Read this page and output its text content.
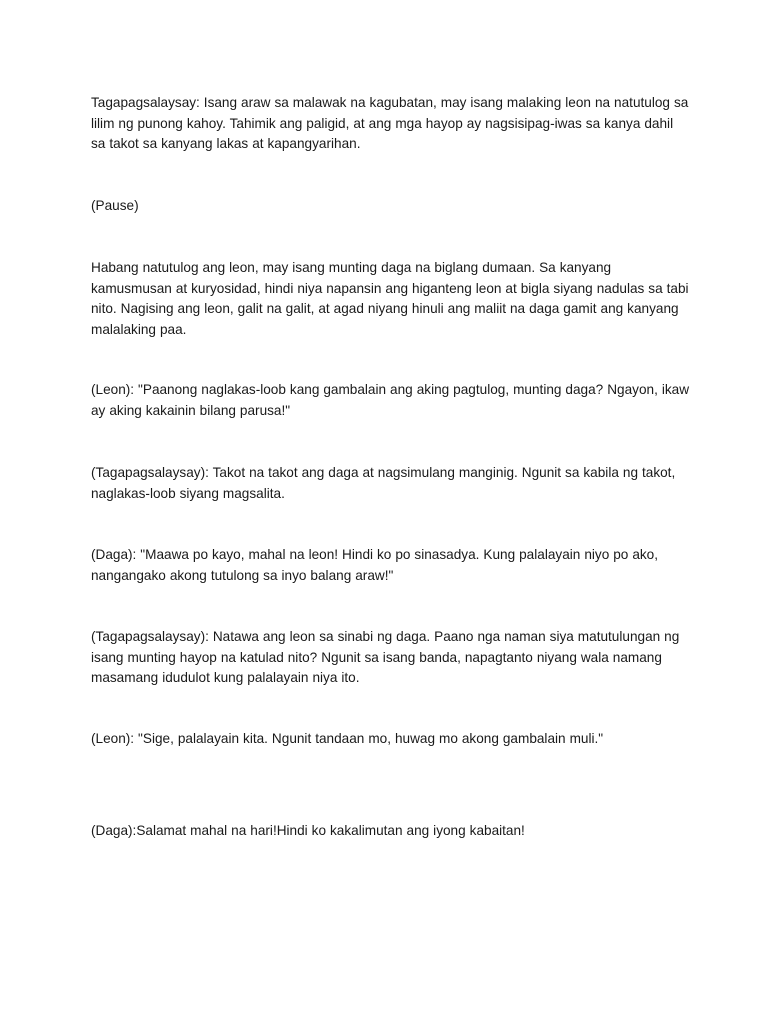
Tagapagsalaysay: Isang araw sa malawak na kagubatan, may isang malaking leon na natutulog sa lilim ng punong kahoy. Tahimik ang paligid, at ang mga hayop ay nagsisipag-iwas sa kanya dahil sa takot sa kanyang lakas at kapangyarihan.

(Pause)

Habang natutulog ang leon, may isang munting daga na biglang dumaan. Sa kanyang kamusmusan at kuryosidad, hindi niya napansin ang higanteng leon at bigla siyang nadulas sa tabi nito. Nagising ang leon, galit na galit, at agad niyang hinuli ang maliit na daga gamit ang kanyang malalaking paa.

(Leon): "Paanong naglakas-loob kang gambalain ang aking pagtulog, munting daga? Ngayon, ikaw ay aking kakainin bilang parusa!"

(Tagapagsalaysay): Takot na takot ang daga at nagsimulang manginig. Ngunit sa kabila ng takot, naglakas-loob siyang magsalita.

(Daga): "Maawa po kayo, mahal na leon! Hindi ko po sinasadya. Kung palalayain niyo po ako, nangangako akong tutulong sa inyo balang araw!"

(Tagapagsalaysay): Natawa ang leon sa sinabi ng daga. Paano nga naman siya matutulungan ng isang munting hayop na katulad nito? Ngunit sa isang banda, napagtanto niyang wala namang masamang idudulot kung palalayain niya ito.

(Leon): "Sige, palalayain kita. Ngunit tandaan mo, huwag mo akong gambalain muli."

(Daga):Salamat mahal na hari!Hindi ko kakalimutan ang iyong kabaitan!
